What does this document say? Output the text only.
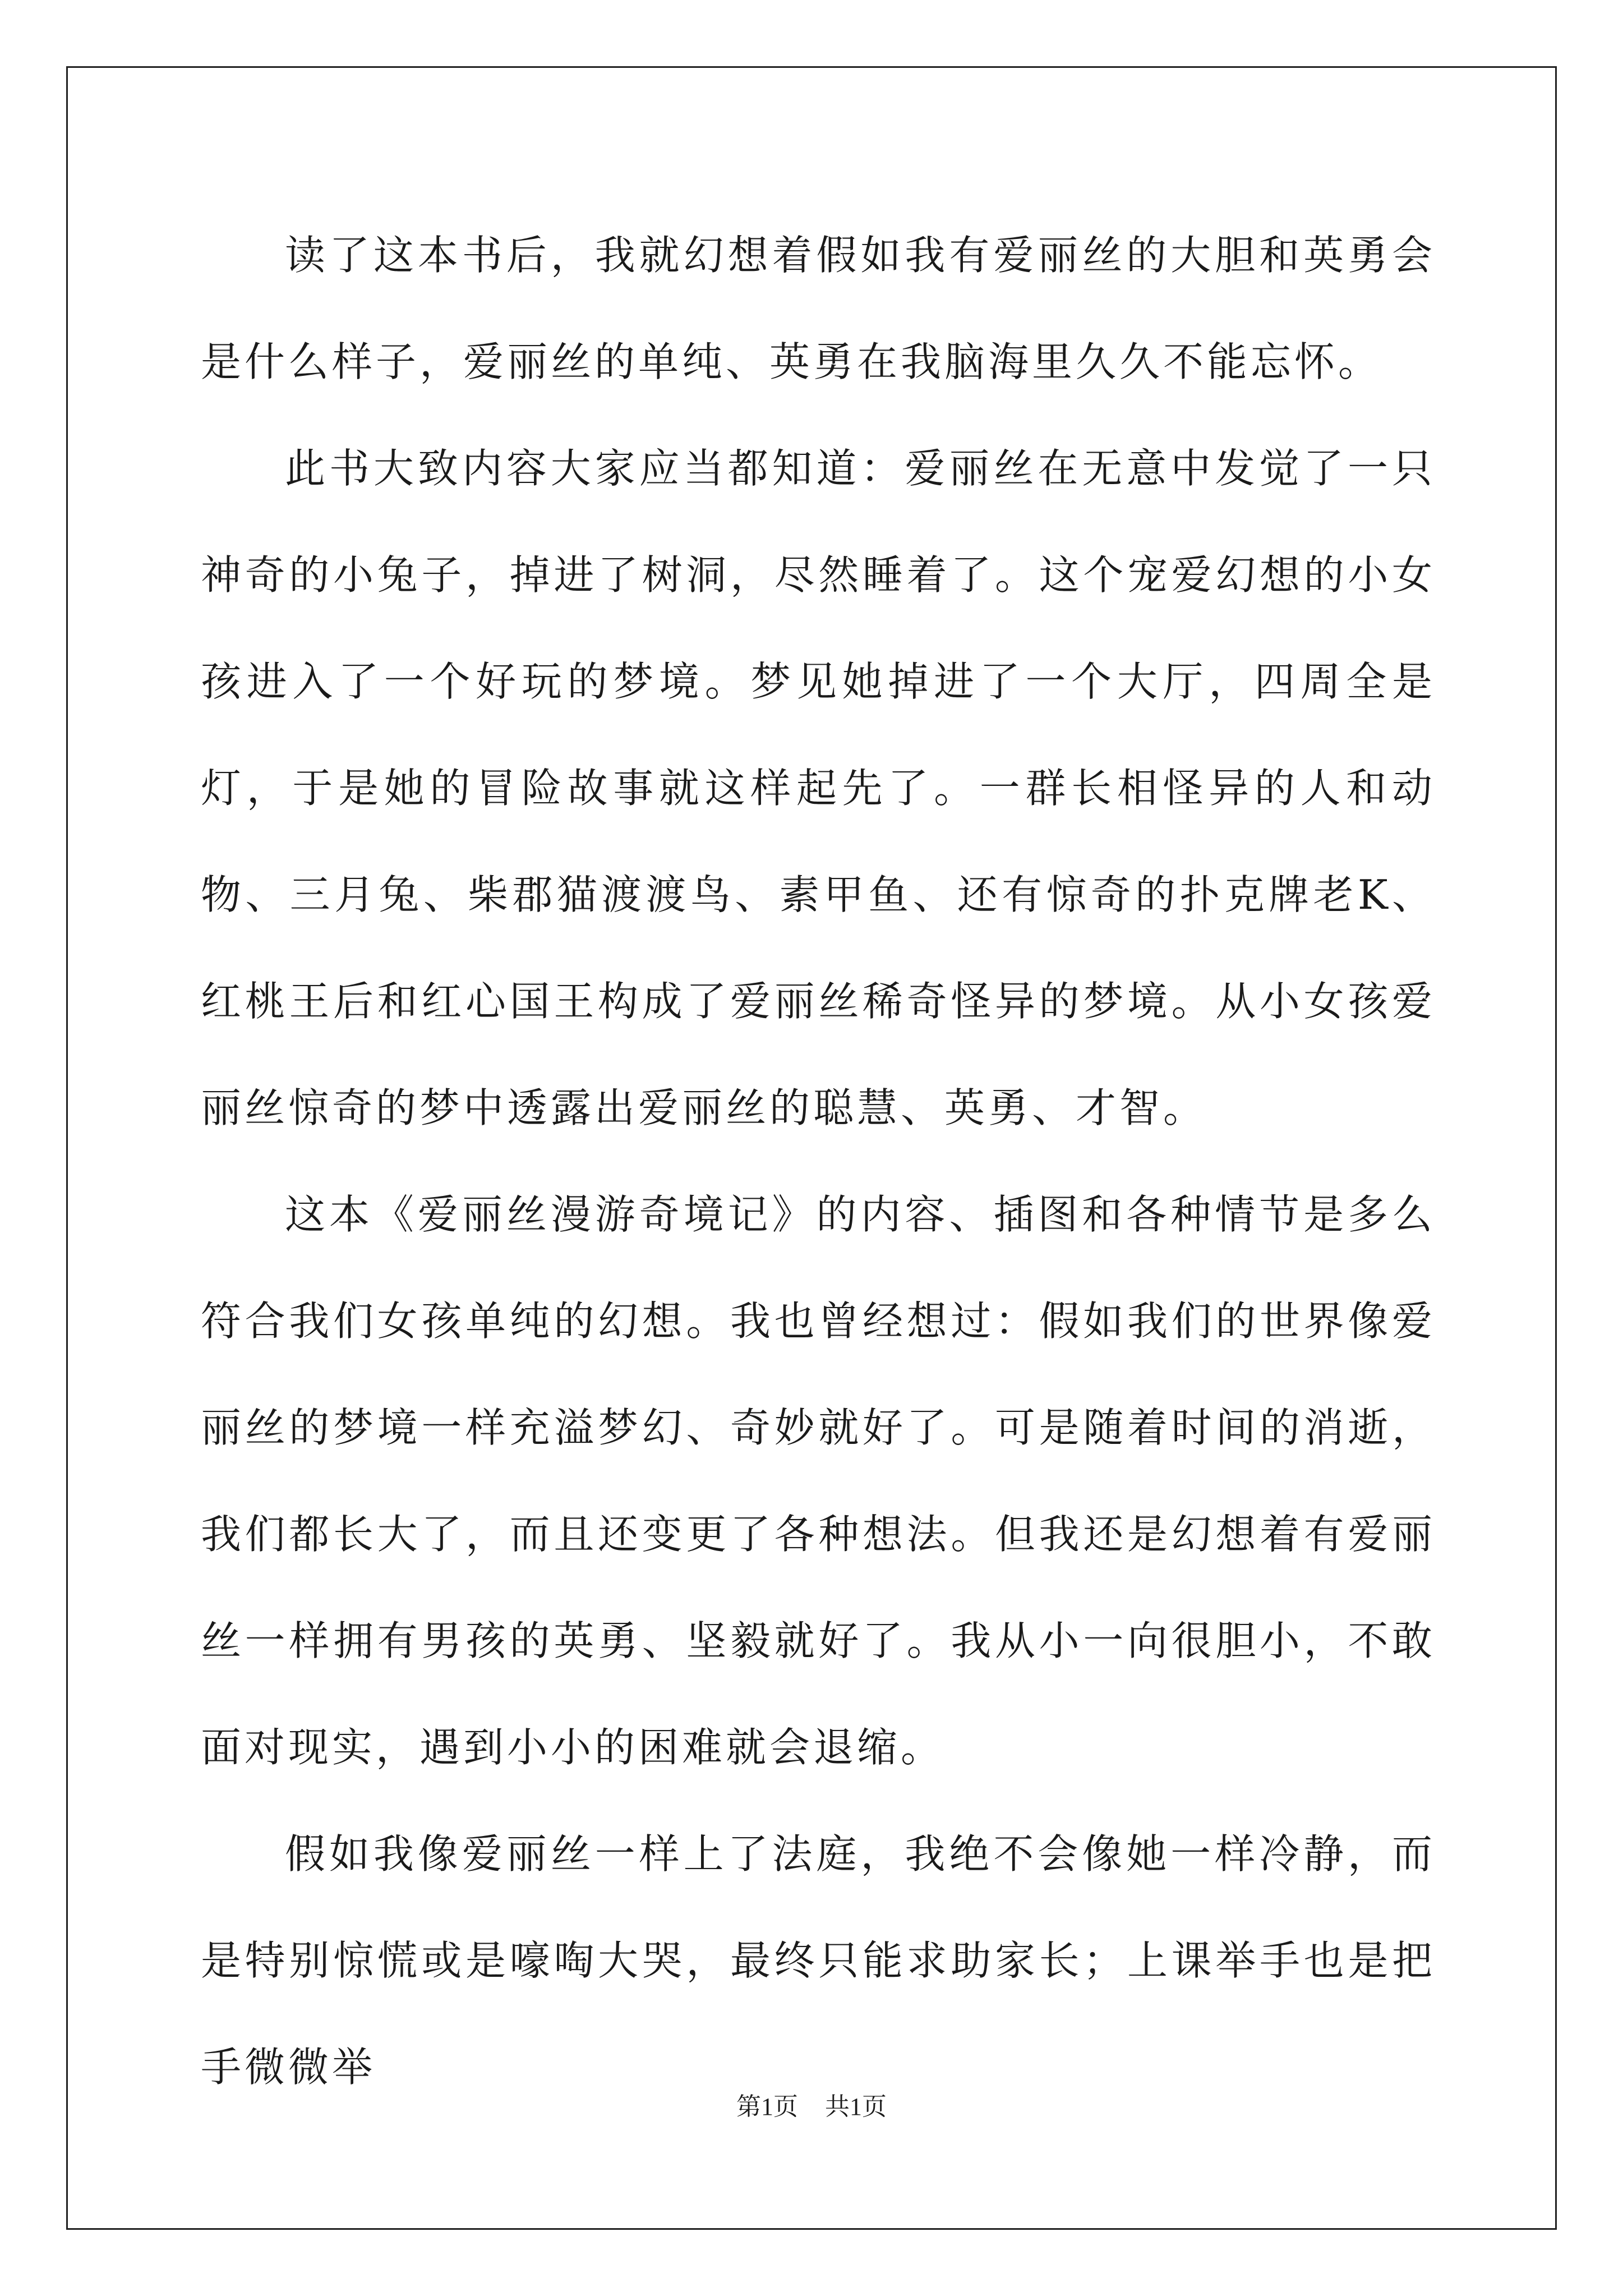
读了这本书后，我就幻想着假如我有爱丽丝的大胆和英勇会是什么样子，爱丽丝的单纯、英勇在我脑海里久久不能忘怀。

此书大致内容大家应当都知道：爱丽丝在无意中发觉了一只神奇的小兔子，掉进了树洞，尽然睡着了。这个宠爱幻想的小女孩进入了一个好玩的梦境。梦见她掉进了一个大厅，四周全是灯，于是她的冒险故事就这样起先了。一群长相怪异的人和动物、三月兔、柴郡猫渡渡鸟、素甲鱼、还有惊奇的扑克牌老K、红桃王后和红心国王构成了爱丽丝稀奇怪异的梦境。从小女孩爱丽丝惊奇的梦中透露出爱丽丝的聪慧、英勇、才智。

这本《爱丽丝漫游奇境记》的内容、插图和各种情节是多么符合我们女孩单纯的幻想。我也曾经想过：假如我们的世界像爱丽丝的梦境一样充溢梦幻、奇妙就好了。可是随着时间的消逝，我们都长大了，而且还变更了各种想法。但我还是幻想着有爱丽丝一样拥有男孩的英勇、坚毅就好了。我从小一向很胆小，不敢面对现实，遇到小小的困难就会退缩。

假如我像爱丽丝一样上了法庭，我绝不会像她一样冷静，而是特别惊慌或是嚎啕大哭，最终只能求助家长；上课举手也是把手微微举

第1页 共1页
